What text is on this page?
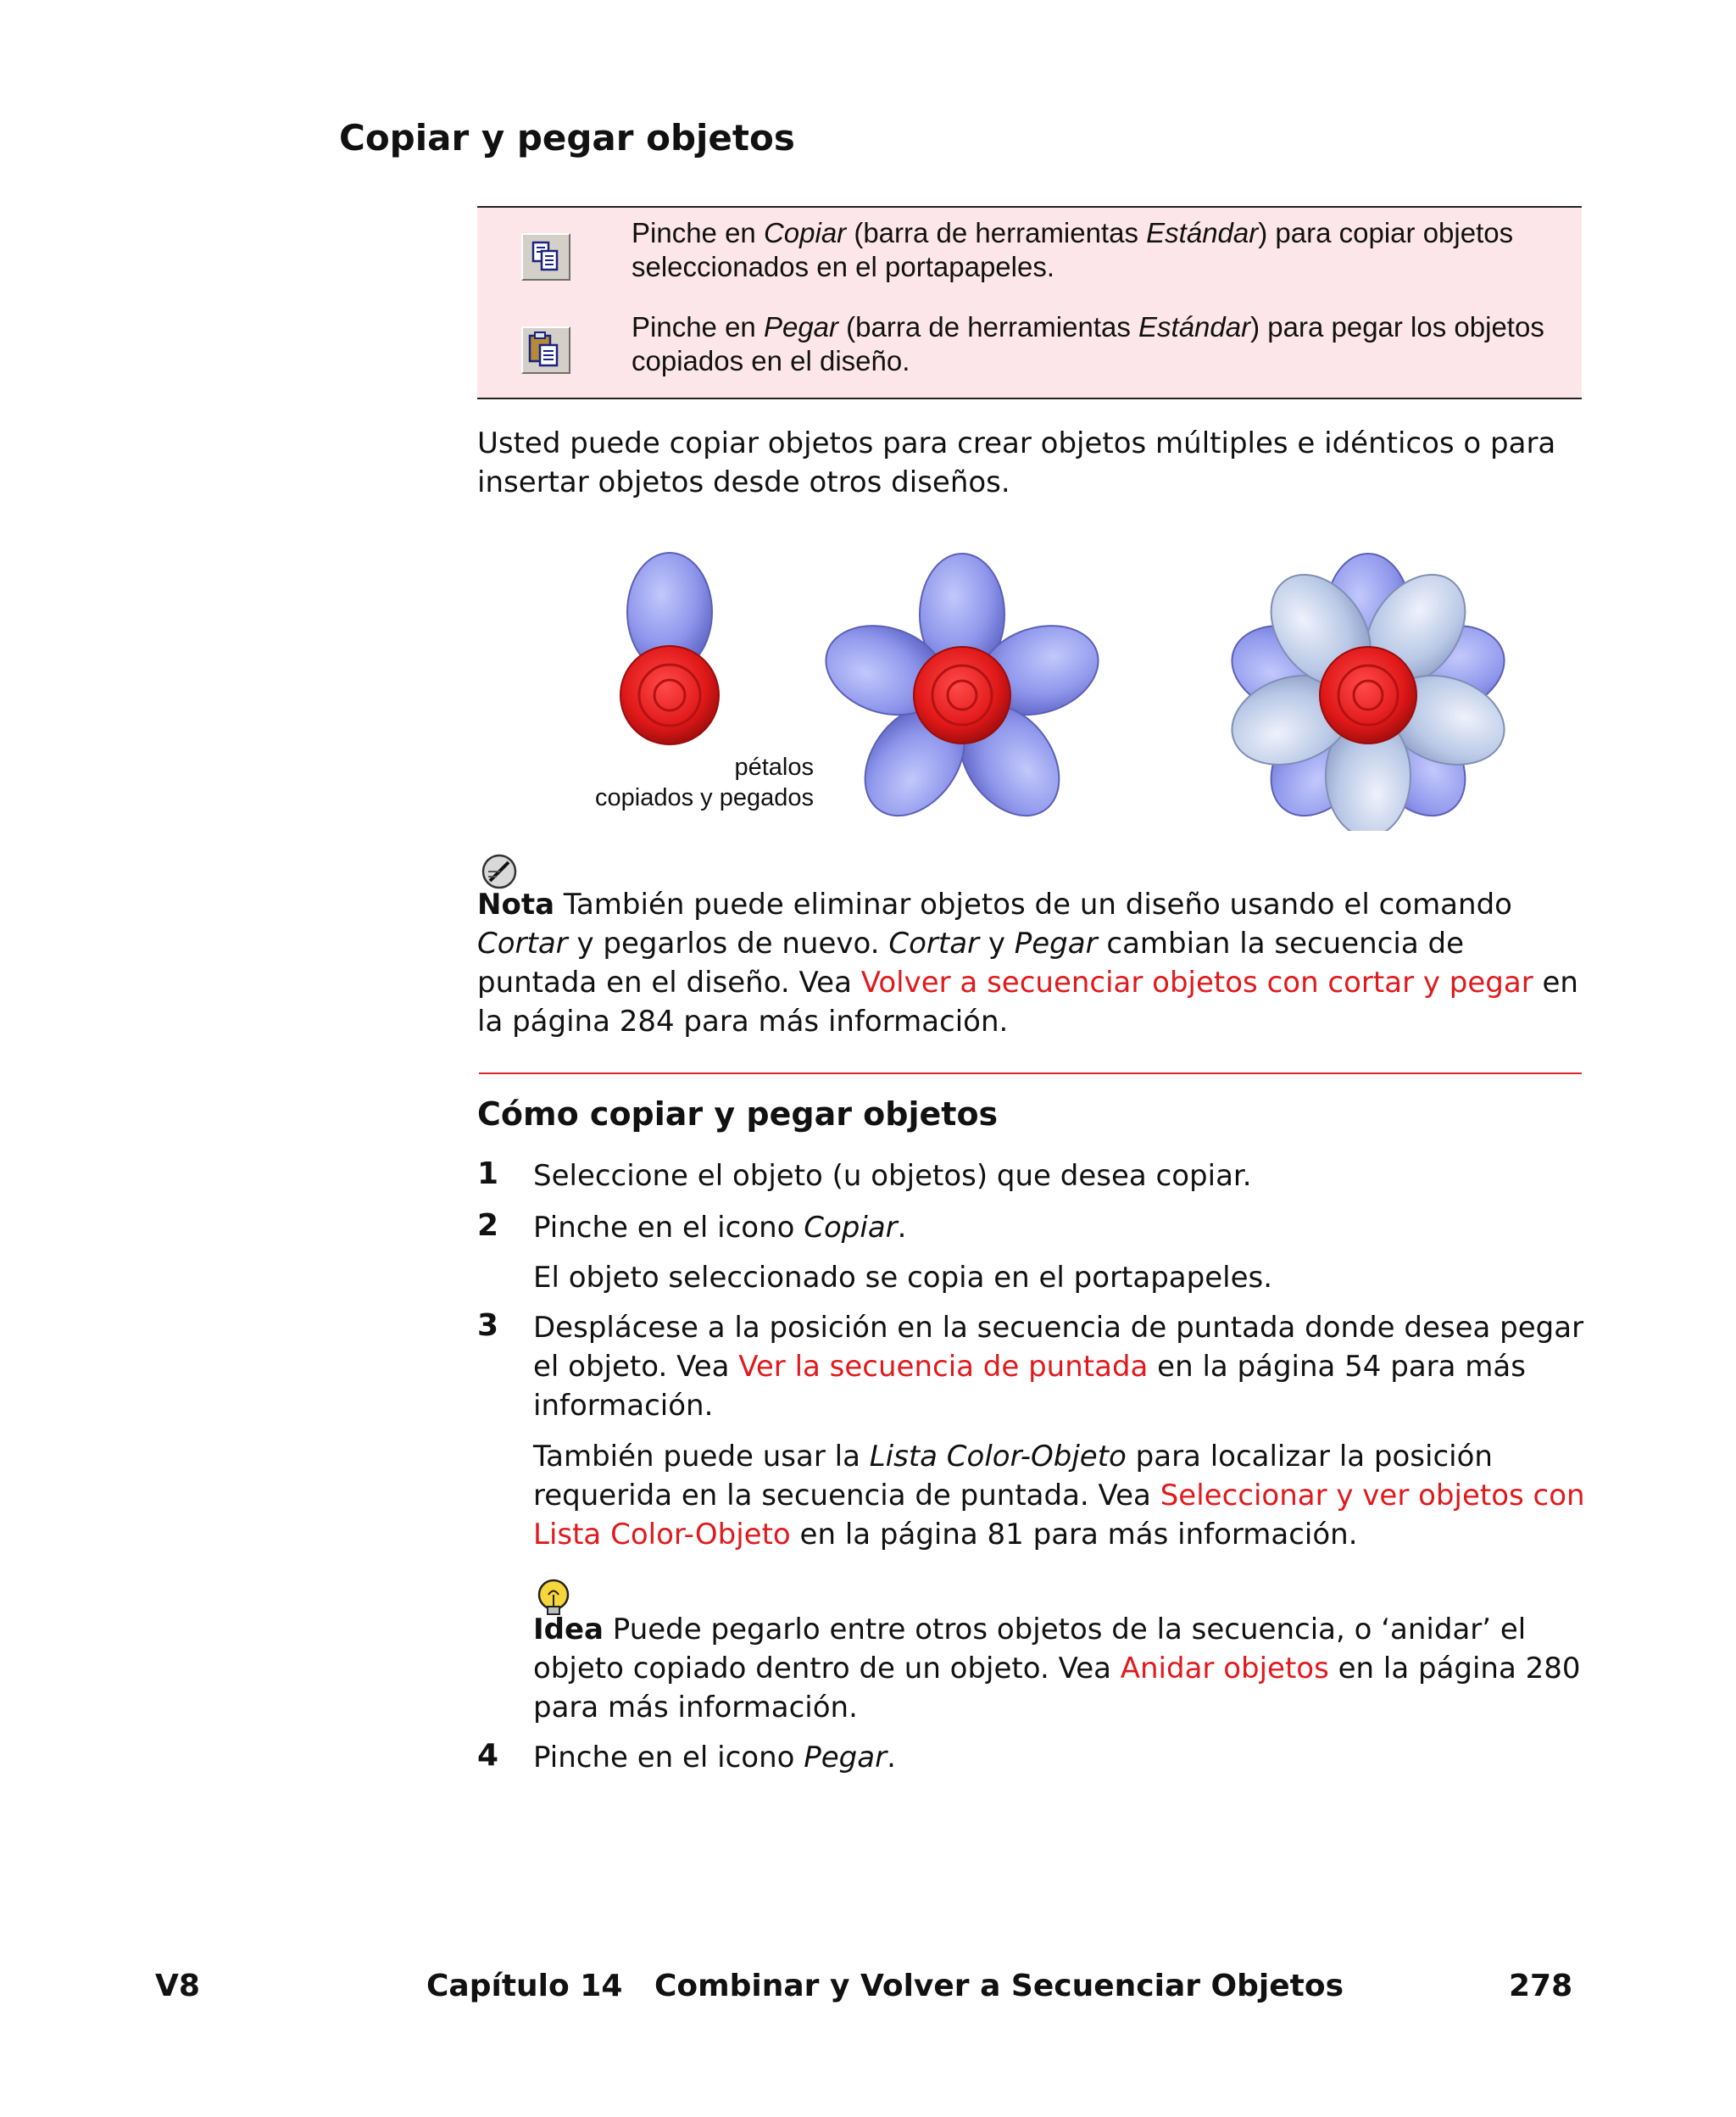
Copiar y pegar objetos
Pinche en Copiar (barra de herramientas Estándar) para copiar objetos seleccionados en el portapapeles.
Pinche en Pegar (barra de herramientas Estándar) para pegar los objetos copiados en el diseño.
Usted puede copiar objetos para crear objetos múltiples e idénticos o para insertar objetos desde otros diseños.
pétalos
copiados y pegados
Nota También puede eliminar objetos de un diseño usando el comando Cortar y pegarlos de nuevo. Cortar y Pegar cambian la secuencia de puntada en el diseño. Vea Volver a secuenciar objetos con cortar y pegar en la página 284 para más información.
Cómo copiar y pegar objetos
1 Seleccione el objeto (u objetos) que desea copiar.
2 Pinche en el icono Copiar.
El objeto seleccionado se copia en el portapapeles.
3 Desplácese a la posición en la secuencia de puntada donde desea pegar el objeto. Vea Ver la secuencia de puntada en la página 54 para más información.
También puede usar la Lista Color-Objeto para localizar la posición requerida en la secuencia de puntada. Vea Seleccionar y ver objetos con Lista Color-Objeto en la página 81 para más información.
Idea Puede pegarlo entre otros objetos de la secuencia, o ‘anidar’ el objeto copiado dentro de un objeto. Vea Anidar objetos en la página 280 para más información.
4 Pinche en el icono Pegar.
V8	Capítulo 14   Combinar y Volver a Secuenciar Objetos	278
